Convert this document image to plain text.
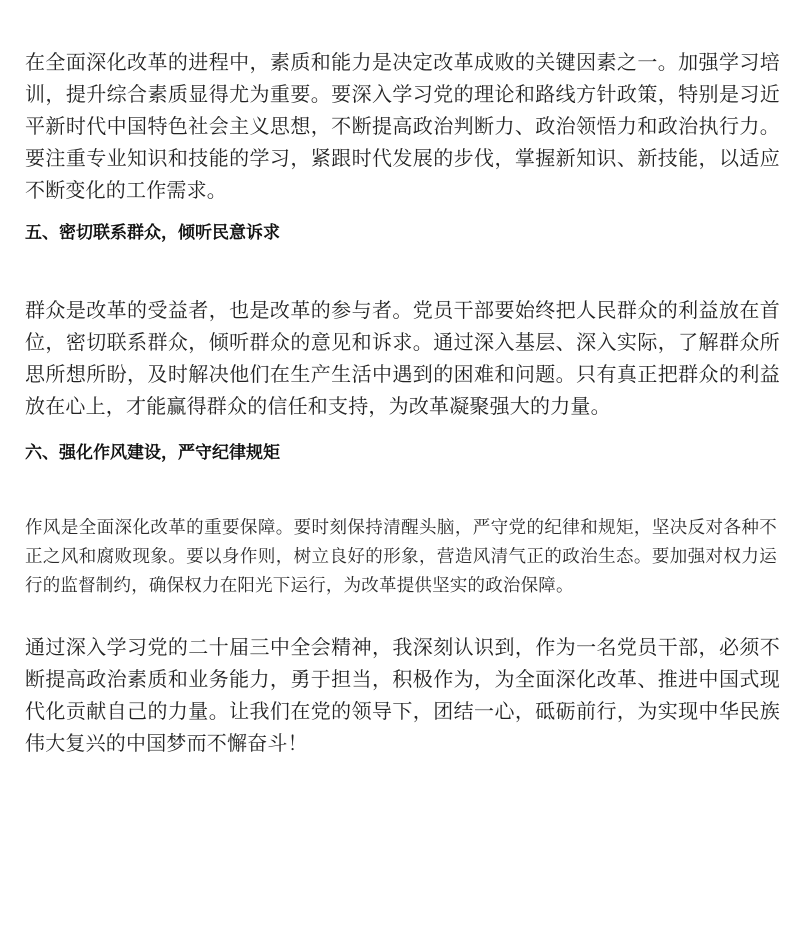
在全面深化改革的进程中，素质和能力是决定改革成败的关键因素之一。加强学习培训，提升综合素质显得尤为重要。要深入学习党的理论和路线方针政策，特别是习近平新时代中国特色社会主义思想，不断提高政治判断力、政治领悟力和政治执行力。要注重专业知识和技能的学习，紧跟时代发展的步伐，掌握新知识、新技能，以适应不断变化的工作需求。

五、密切联系群众，倾听民意诉求

群众是改革的受益者，也是改革的参与者。党员干部要始终把人民群众的利益放在首位，密切联系群众，倾听群众的意见和诉求。通过深入基层、深入实际，了解群众所思所想所盼，及时解决他们在生产生活中遇到的困难和问题。只有真正把群众的利益放在心上，才能赢得群众的信任和支持，为改革凝聚强大的力量。

六、强化作风建设，严守纪律规矩

作风是全面深化改革的重要保障。要时刻保持清醒头脑，严守党的纪律和规矩，坚决反对各种不正之风和腐败现象。要以身作则，树立良好的形象，营造风清气正的政治生态。要加强对权力运行的监督制约，确保权力在阳光下运行，为改革提供坚实的政治保障。

通过深入学习党的二十届三中全会精神，我深刻认识到，作为一名党员干部，必须不断提高政治素质和业务能力，勇于担当，积极作为，为全面深化改革、推进中国式现代化贡献自己的力量。让我们在党的领导下，团结一心，砥砺前行，为实现中华民族伟大复兴的中国梦而不懈奋斗！
